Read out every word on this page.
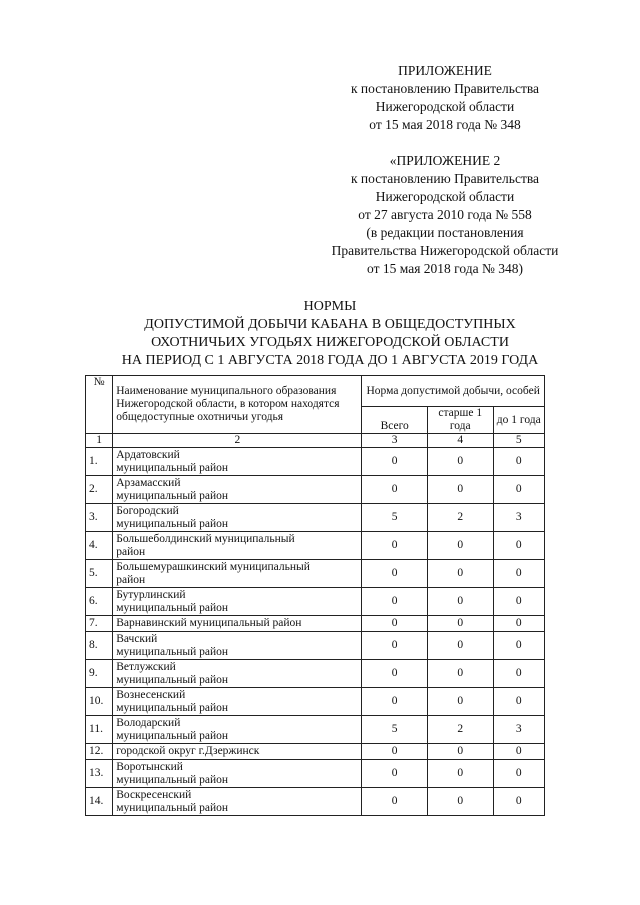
ПРИЛОЖЕНИЕ
к постановлению Правительства
Нижегородской области
от 15 мая 2018 года № 348
«ПРИЛОЖЕНИЕ 2
к постановлению Правительства
Нижегородской области
от 27 августа 2010 года № 558
(в редакции постановления
Правительства Нижегородской области
от 15 мая 2018 года № 348)
НОРМЫ
ДОПУСТИМОЙ ДОБЫЧИ КАБАНА В ОБЩЕДОСТУПНЫХ
ОХОТНИЧЬИХ УГОДЬЯХ НИЖЕГОРОДСКОЙ ОБЛАСТИ
НА ПЕРИОД С 1 АВГУСТА 2018 ГОДА ДО 1 АВГУСТА 2019 ГОДА
№	Наименование муниципального образования Нижегородской области, в котором находятся общедоступные охотничьи угодья	Норма допустимой добычи, особей		
		Всего	старше 1 года	до 1 года
1	2	3	4	5
1.	Ардатовский
муниципальный район	0	0	0
2.	Арзамасский
муниципальный район	0	0	0
3.	Богородский
муниципальный район	5	2	3
4.	Большеболдинский муниципальный
район	0	0	0
5.	Большемурашкинский муниципальный
район	0	0	0
6.	Бутурлинский
муниципальный район	0	0	0
7.	Варнавинский муниципальный район	0	0	0
8.	Вачский
муниципальный район	0	0	0
9.	Ветлужский
муниципальный район	0	0	0
10.	Вознесенский
муниципальный район	0	0	0
11.	Володарский
муниципальный район	5	2	3
12.	городской округ г.Дзержинск	0	0	0
13.	Воротынский
муниципальный район	0	0	0
14.	Воскресенский
муниципальный район	0	0	0
